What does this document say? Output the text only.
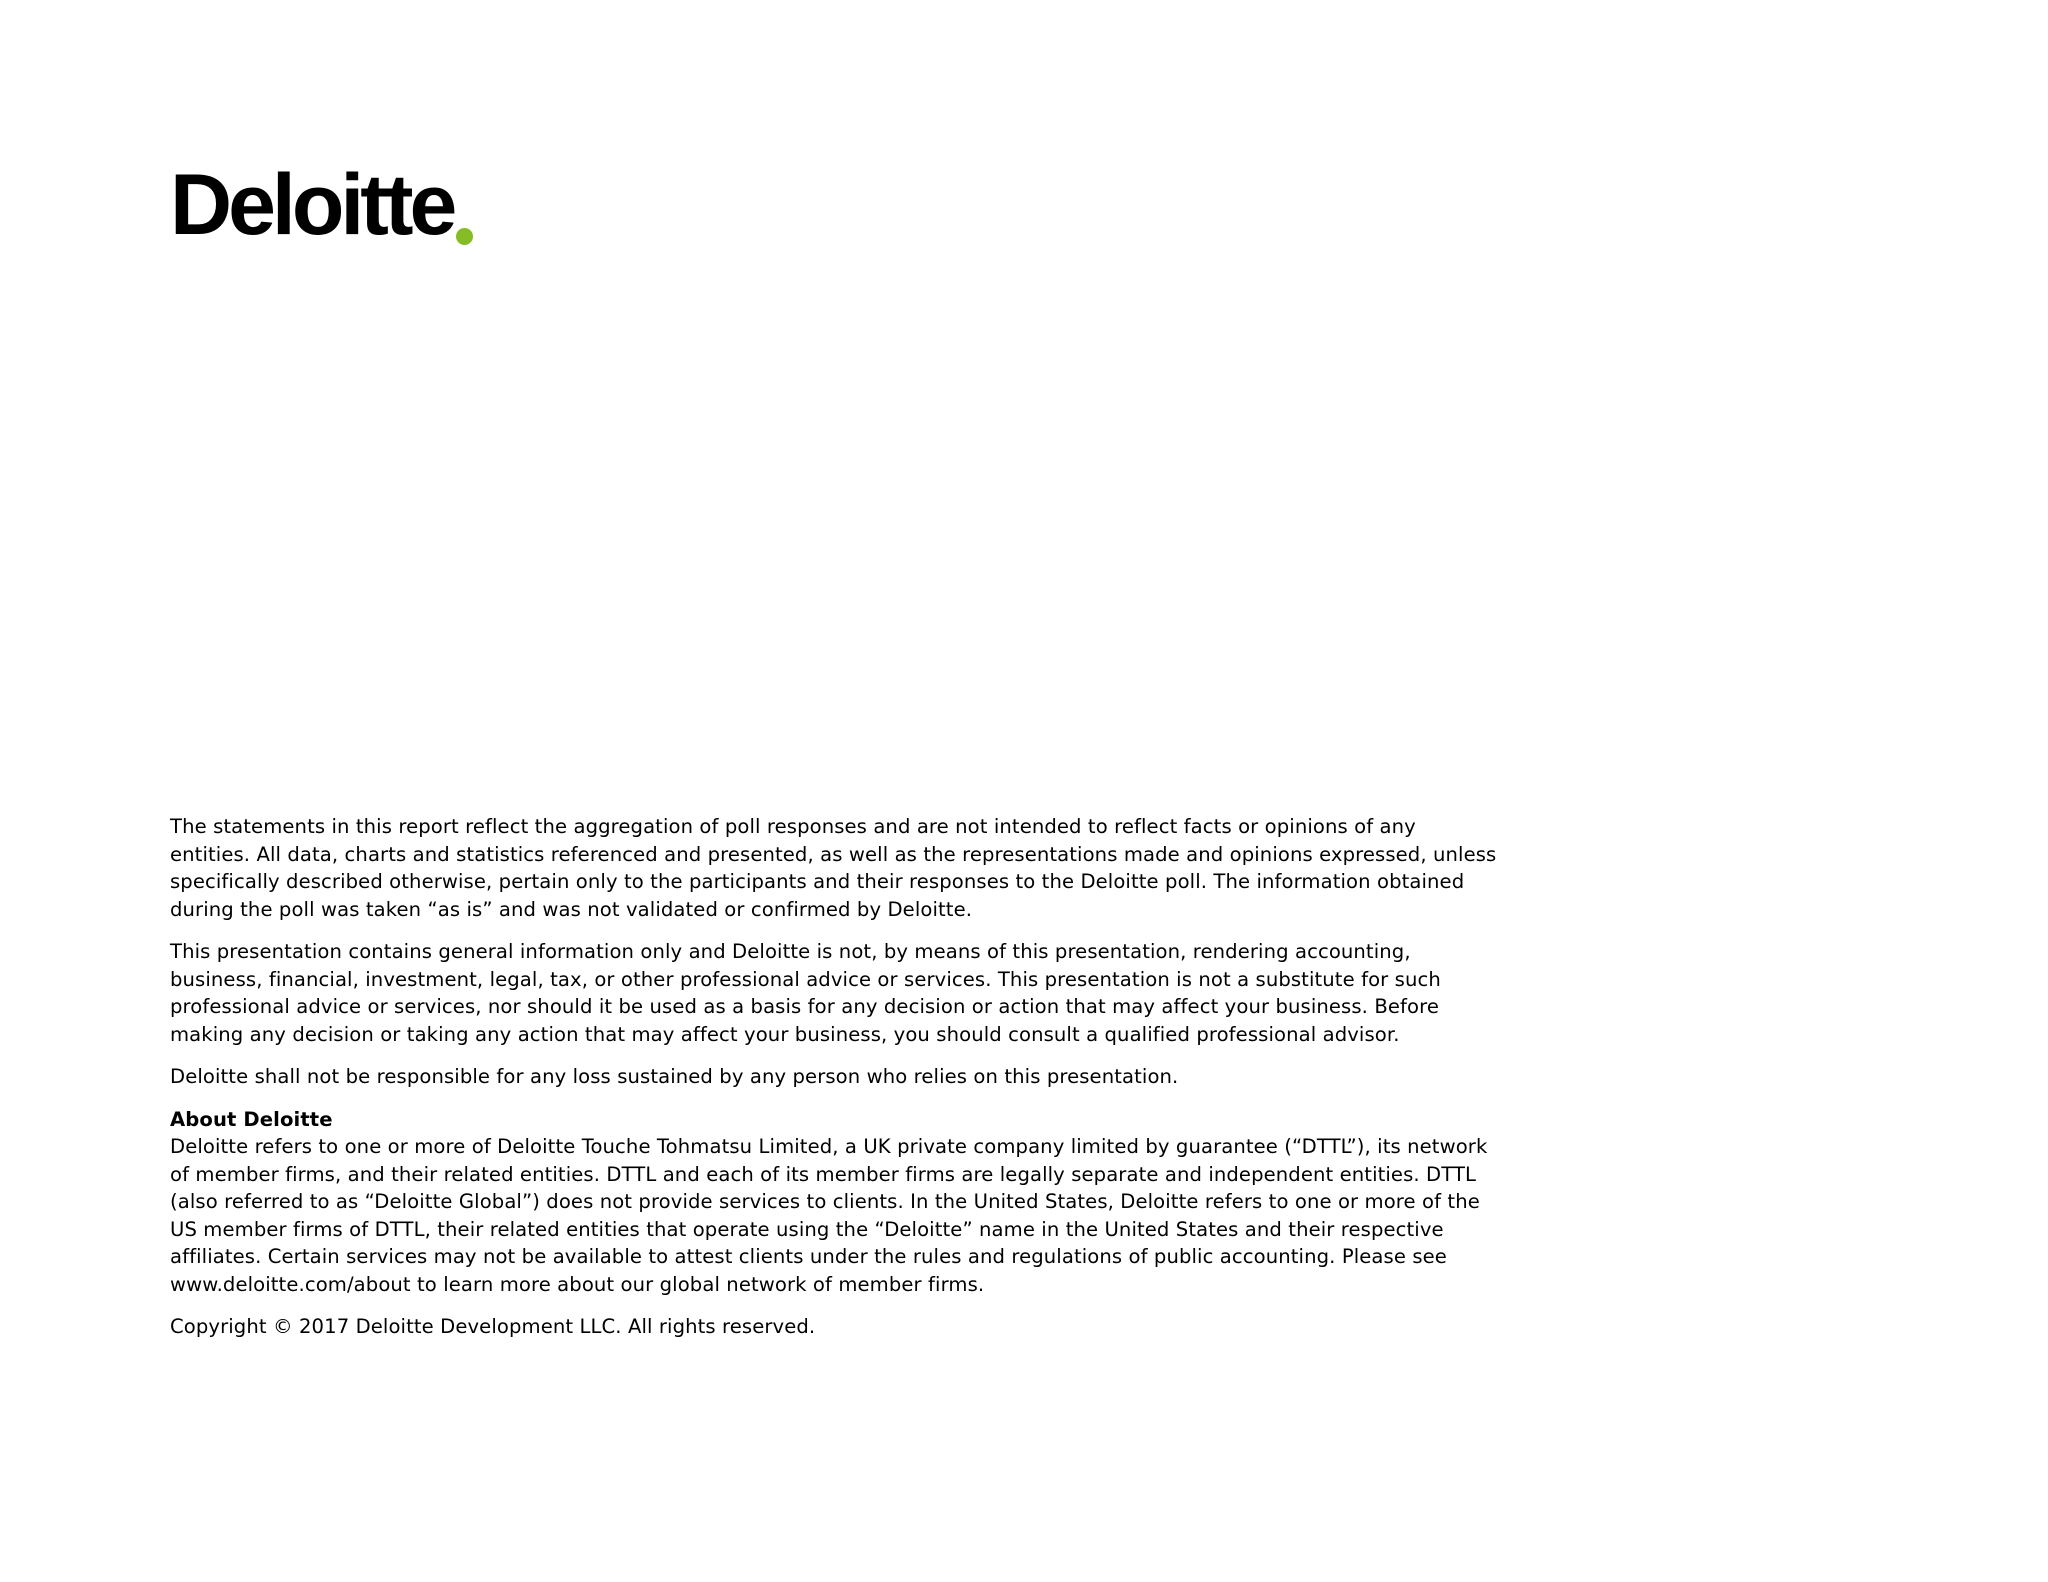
Deloitte

The statements in this report reflect the aggregation of poll responses and are not intended to reflect facts or opinions of any entities. All data, charts and statistics referenced and presented, as well as the representations made and opinions expressed, unless specifically described otherwise, pertain only to the participants and their responses to the Deloitte poll. The information obtained during the poll was taken “as is” and was not validated or confirmed by Deloitte.

This presentation contains general information only and Deloitte is not, by means of this presentation, rendering accounting, business, financial, investment, legal, tax, or other professional advice or services. This presentation is not a substitute for such professional advice or services, nor should it be used as a basis for any decision or action that may affect your business. Before making any decision or taking any action that may affect your business, you should consult a qualified professional advisor.

Deloitte shall not be responsible for any loss sustained by any person who relies on this presentation.

About Deloitte
Deloitte refers to one or more of Deloitte Touche Tohmatsu Limited, a UK private company limited by guarantee (“DTTL”), its network of member firms, and their related entities. DTTL and each of its member firms are legally separate and independent entities. DTTL (also referred to as “Deloitte Global”) does not provide services to clients. In the United States, Deloitte refers to one or more of the US member firms of DTTL, their related entities that operate using the “Deloitte” name in the United States and their respective affiliates. Certain services may not be available to attest clients under the rules and regulations of public accounting. Please see www.deloitte.com/about to learn more about our global network of member firms.

Copyright © 2017 Deloitte Development LLC. All rights reserved.
